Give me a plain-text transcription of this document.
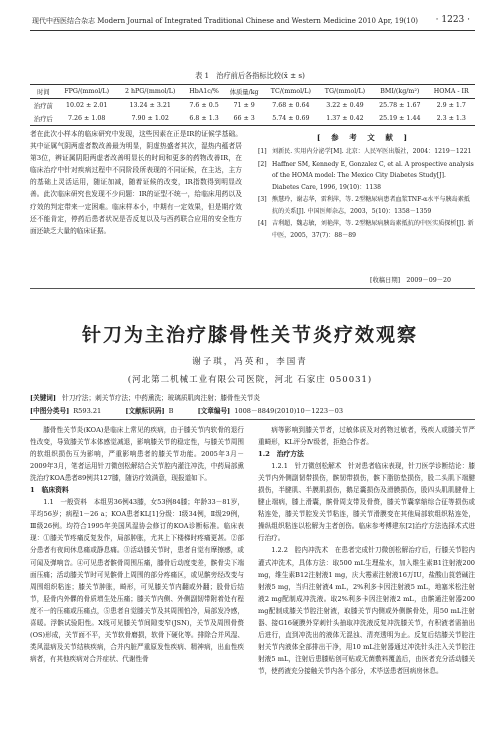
现代中西医结合杂志 Modern Journal of Integrated Traditional Chinese and Western Medicine 2010 Apr, 19(10)	· 1223 ·
表 1　治疗前后各指标比较(x̄ ± s)
时间	FPG/(mmol/L)	2 hPG/(mmol/L)	HbA1c/%	体质量/kg	TC/(mmol/L)	TG/(mmol/L)	BMI/(kg/m²)	HOMA - IR
治疗前	10.02 ± 2.01	13.24 ± 3.21	7.6 ± 0.5	71 ± 9	7.68 ± 0.64	3.22 ± 0.49	25.78 ± 1.67	2.9 ± 1.7
治疗后	7.26 ± 1.08	7.90 ± 1.02	6.8 ± 1.3	66 ± 3	5.74 ± 0.69	1.37 ± 0.42	25.19 ± 1.44	2.3 ± 1.3
者在此次小样本的临床研究中发现，这些因素在正是IR的证候学基础。其中证属气阴两虚者数改善最为明显，阴虚热盛者其次，湿热内蕴者居第3位，辨证属阴阳两虚者改善明显长的时间和更多的药物改善IR，在临床治疗中针对疾病过程中不同阶段所表现的不同证候，在主达，主方的基础上灵活运用，随证加减，随着证候的改变，IR指数得到明显改善。此次临床研究也发现不少问题：IR的证型不统一，给临床用药以及疗效的判定带来一定困难。临床样本小，中期有一定效果，但是期疗效还不能肯定，停药后患者状况是否反复以及与西药联合应用的安全性方面还缺乏大量的临床证据。
[ 参 考 文 献 ]
[1] 刘新民. 实用内分泌学[M]. 北京：人民军医出版社，2004：1219－1221
[2] Haffner SM, Kennedy E, Gonzalez C, et al. A prospective analysis of the HOMA model: The Mexico City Diabetes Study[J]. Diabetes Care, 1996, 19(10)：1138
[3] 熊慧玲，谢志华，雷利萍，等. 2型糖尿病患者血浆TNF-α水平与胰岛素抵抗的关系[J]. 中国医师杂志，2003，5(10)：1358－1359
[4] 吉利超，魏志敏，刘艳萍，等. 2型糖尿病胰岛素抵抗的中医实质探析[J]. 新中医，2005，37(7)：88－89
[收稿日期]　2009－09－20
针刀为主治疗膝骨性关节炎疗效观察
谢子琪，冯英和，李国青
(河北第二机械工业有限公司医院，河北 石家庄 050031)
[关键词] 针刀疗法；刺关节疗法；中药熏洗；玻璃质肌肉注射；膝骨性关节炎
[中图分类号] R593.21	[文献标识码] B	[文章编号] 1008－8849(2010)10－1223－03

膝骨性关节炎(KOA)是临床上常见的疾病，由于膝关节内软骨的退行性改变，导致膝关节本体感觉减退，影响膝关节的稳定性，与膝关节周围的软组织损伤互为影响，严重影响患者的膝关节功能。2005年3月－2009年3月，笔者运用针刀微创松解结合关节腔内灌注冲洗，中药局部熏洗治疗KOA患者89例共127膝，随访疗效满意，现报道如下。

1　临床资料

1.1　一般资料　本组男36例43膝，女53例84膝；年龄33－81岁，平均56岁；病程1－26 a；KOA患者KL[1]分级：Ⅰ级34例，Ⅱ级29例，Ⅲ级26例。均符合1995年美国风湿协会修订的KOA诊断标准。临床表现：①膝关节疼痛反复发作，局部肿胀，尤其上下楼梯时疼痛更甚。②部分患者有夜间休息痛或静息痛。③活动膝关节时，患者自觉有摩擦感，或可闻及弹响音。④可见患者髌骨周围压痛，膝骨后动度变差，髌骨尖下端面压痛；活动膝关节时可见髌骨上周围的部分疼痛区，或见髌旁经改变与周围组织粘连；膝关节肿胀，畸形，可见膝关节内翻或外翻；股骨后结节，胫骨内外髁的骨质增生处压痛；膝关节内侧、外侧副韧带附着处有程度不一的压痛或压痛点，⑤患者自觉膝关节及其周围怕冷，局部发冷感，喜暖。浮髌试验阳性。X线可见膝关节间隙变窄(JSN)，关节及周围骨赘(OS)形成，关节面不平，关节软骨磨损，软骨下硬化等。排除合并风湿、类风湿病及关节结核疾病，合并内脏严重原发性疾病、精神病，出血性疾病者，有其他疾病对合并症状、代谢性骨

病等影响到膝关节者，过敏体质及对药物过敏者，残疾人或膝关节严重畸形，KL评分Ⅳ级者，拒绝合作者。

1.2　治疗方法

1.2.1　针刀微创松解术　针对患者临床表现，针刀医学诊断结论：膝关节内外侧副韧带损伤，髌韧带损伤，髌下脂肪垫损伤，股二头肌下端腱损伤，半腱肌、半膜肌损伤，鹅足囊损伤及滑膜损伤，股四头肌肌腱骨上腱止端病，膝上滑囊，髌骨周支带及骨赘，膝关节囊挛缩综合征等损伤或粘连处，膝关节腔发关节粘连，膝关节滑膜变在其他局部软组织粘连处，操纵组织粘连以松解为主者创伤。临床参考傅建东[2]治疗方法选择术式进行治疗。

1.2.2　腔内冲洗术　在患者完成针刀微创松解治疗后，行膝关节腔内灌式冲洗术，具体方法：取500 mL生理盐水，加入维生素B1注射液200 mg，维生素B12注射液1 mg，庆大霉素注射液16万IU，盐酸山莨菪碱注射液5 mg，当归注射液4 mL，2%利多卡因注射液5 mL，地塞米松注射液2 mg配制成冲洗液。取2%利多卡因注射液2 mL，由髌通注射器200 mg配制成膝关节腔注射液，取膝关节内侧或外侧髌骨处，用50 mL注射器、接G16硬膜外穿刺针头抽取冲洗液反复冲洗膝关节，有积液者需抽出后进行，直到冲洗出的液体无混浊、清亮透明为止。反复后结膝关节腔注射关节内液体全部排出干净，用10 mL注射器通过冲洗针头注入关节腔注射液5 mL，注射后患膝贴创可贴或无菌敷料覆盖后，由医者充分活动膝关节，使药液充分接触关节内各个部分，术毕送患者回病房休息。
